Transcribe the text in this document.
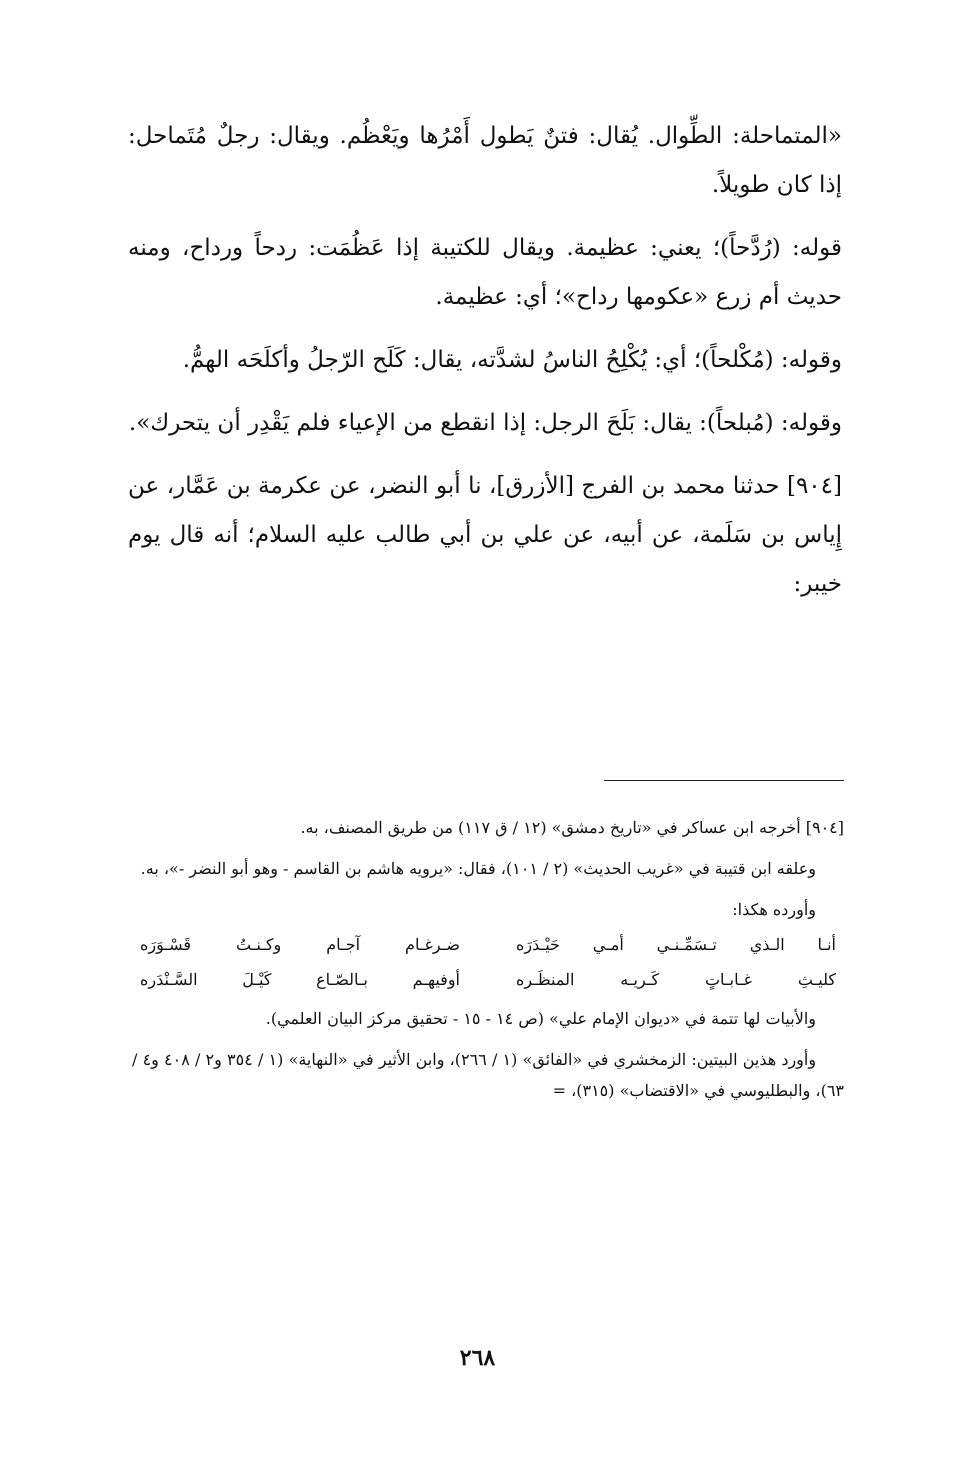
«المتماحلة: الطِّوال. يُقال: فتنٌ يَطول أَمْرُها ويَعْظُم. ويقال: رجلٌ مُتَماحل: إذا كان طويلاً.

قوله: (رُدَّحاً)؛ يعني: عظيمة. ويقال للكتيبة إذا عَظُمَت: ردحاً ورداح، ومنه حديث أم زرع «عكومها رداح»؛ أي: عظيمة.

وقوله: (مُكْلحاً)؛ أي: يُكْلِحُ الناسُ لشدَّته، يقال: كَلَح الرّجلُ وأكلَحَه الهمُّ.

وقوله: (مُبلحاً): يقال: بَلَحَ الرجل: إذا انقطع من الإعياء فلم يَقْدِر أن يتحرك».

[٩٠٤] حدثنا محمد بن الفرج [الأزرق]، نا أبو النضر، عن عكرمة بن عَمَّار، عن إِياس بن سَلَمة، عن أبيه، عن علي بن أبي طالب عليه السلام؛ أنه قال يوم خيبر:

[٩٠٤] أخرجه ابن عساكر في «تاريخ دمشق» (١٢ / ق ١١٧) من طريق المصنف، به.

وعلقه ابن قتيبة في «غريب الحديث» (٢ / ١٠١)، فقال: «يرويه هاشم بن القاسم - وهو أبو النضر -»، به.

وأورده هكذا:

أنـا الـذي تـسَمِّـنـي أمـي حَيْـدَرَه
ضـرغـام آجـام وكـنـتُ قَسْـوَرَه
كليـثِ غـابـاتٍ كَـريـه المنظَـره
أوفيهـم بـالصّـاع كَيْـلَ السَّـنْدَره

والأبيات لها تتمة في «ديوان الإمام علي» (ص ١٤ - ١٥ - تحقيق مركز البيان العلمي).

وأورد هذين البيتين: الزمخشري في «الفائق» (١ / ٢٦٦)، وابن الأثير في «النهاية» (١ / ٣٥٤ و٢ / ٤٠٨ و٤ / ٦٣)، والبطليوسي في «الاقتضاب» (٣١٥)، =

٢٦٨
